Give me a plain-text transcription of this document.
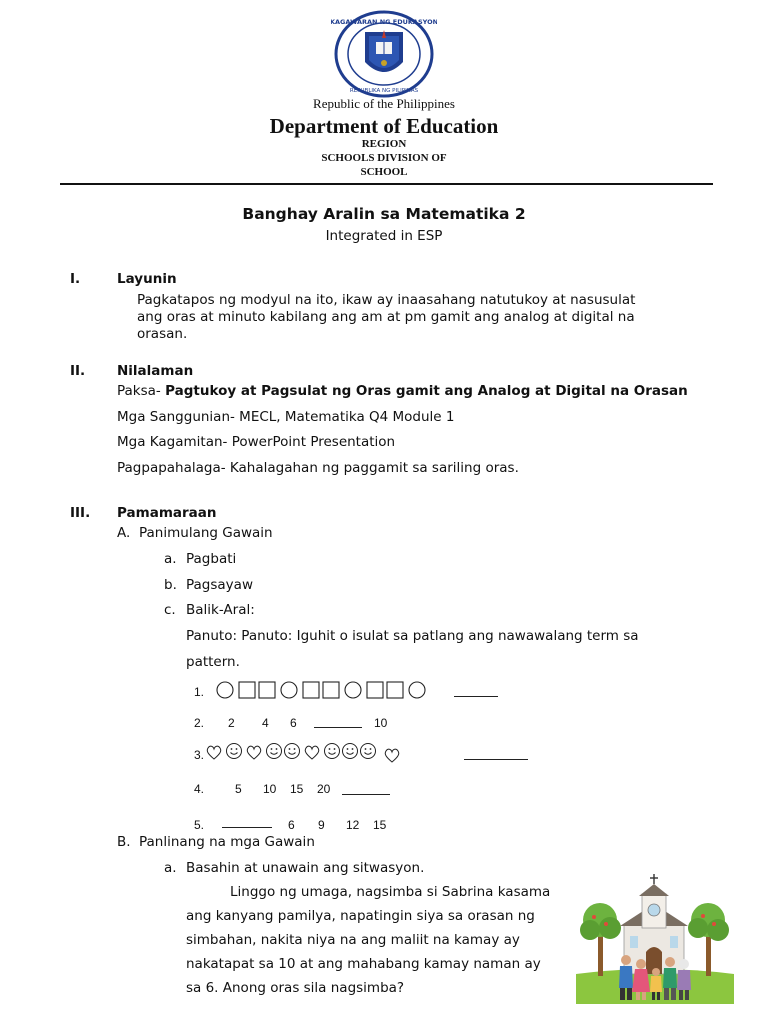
KAGAWARAN NG EDUKASYON
REPUBLIKA NG PILIPINAS
Republic of the Philippines
Department of Education
REGION
SCHOOLS DIVISION OF
SCHOOL
Banghay Aralin sa Matematika 2
Integrated in ESP
I.	Layunin
Pagkatapos ng modyul na ito, ikaw ay inaasahang natutukoy at nasusulat
ang oras at minuto kabilang ang am at pm gamit ang analog at digital na
orasan.
II. Nilalaman
Paksa- Pagtukoy at Pagsulat ng Oras gamit ang Analog at Digital na Orasan
Mga Sanggunian- MECL, Matematika Q4 Module 1
Mga Kagamitan- PowerPoint Presentation
Pagpapahalaga- Kahalagahan ng paggamit sa sariling oras.
III. Pamamaraan
A. Panimulang Gawain
a. Pagbati
b. Pagsayaw
c. Balik-Aral:
Panuto: Panuto: Iguhit o isulat sa patlang ang nawawalang term sa
pattern.
1.
2. 2 4 6	10
3.
4.	5 10 15 20
5.	6 9 12 15
B. Panlinang na mga Gawain
a. Basahin at unawain ang sitwasyon.
Linggo ng umaga, nagsimba si Sabrina kasama
ang kanyang pamilya, napatingin siya sa orasan ng
simbahan, nakita niya na ang maliit na kamay ay
nakatapat sa 10 at ang mahabang kamay naman ay
sa 6. Anong oras sila nagsimba?
